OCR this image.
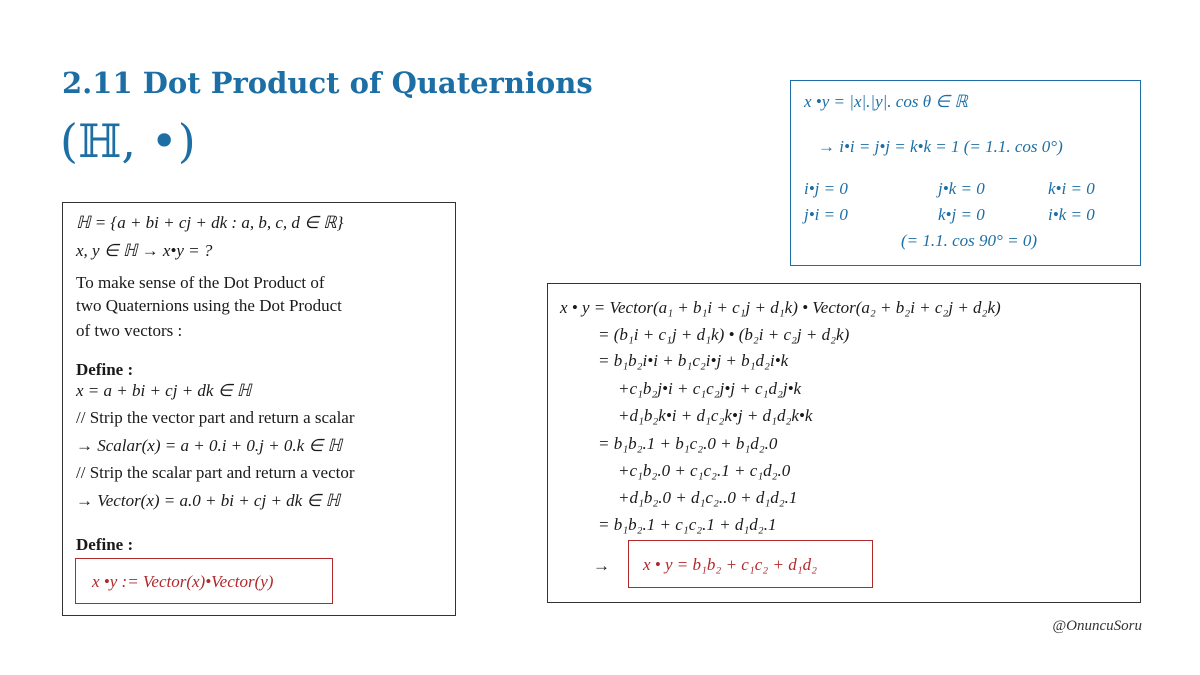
2.11 Dot Product of Quaternions
(ℍ, •)
ℍ = {a + bi + cj + dk : a, b, c, d ∈ ℝ}
x, y ∈ ℍ → x•y = ?
To make sense of the Dot Product of
two Quaternions using the Dot Product
of two vectors :
Define :
x = a + bi + cj + dk ∈ ℍ
// Strip the vector part and return a scalar
→ Scalar(x) = a + 0.i + 0.j + 0.k ∈ ℍ
// Strip the scalar part and return a vector
→ Vector(x) = a.0 + bi + cj + dk ∈ ℍ
Define :
x •y := Vector(x)•Vector(y)
x •y = |x|.|y|. cos θ ∈ ℝ
→ i•i = j•j = k•k = 1 (= 1.1. cos 0°)
i•j = 0	j•k = 0	k•i = 0
j•i = 0	k•j = 0	i•k = 0
(= 1.1. cos 90° = 0)
x • y = Vector(a₁ + b₁i + c₁j + d₁k) • Vector(a₂ + b₂i + c₂j + d₂k)
= (b₁i + c₁j + d₁k) • (b₂i + c₂j + d₂k)
= b₁b₂i•i + b₁c₂i•j + b₁d₂i•k
+c₁b₂j•i + c₁c₂j•j + c₁d₂j•k
+d₁b₂k•i + d₁c₂k•j + d₁d₂k•k
= b₁b₂.1 + b₁c₂.0 + b₁d₂.0
+c₁b₂.0 + c₁c₂.1 + c₁d₂.0
+d₁b₂.0 + d₁c₂..0 + d₁d₂.1
= b₁b₂.1 + c₁c₂.1 + d₁d₂.1
→ x • y = b₁b₂ + c₁c₂ + d₁d₂
@OnuncuSoru
